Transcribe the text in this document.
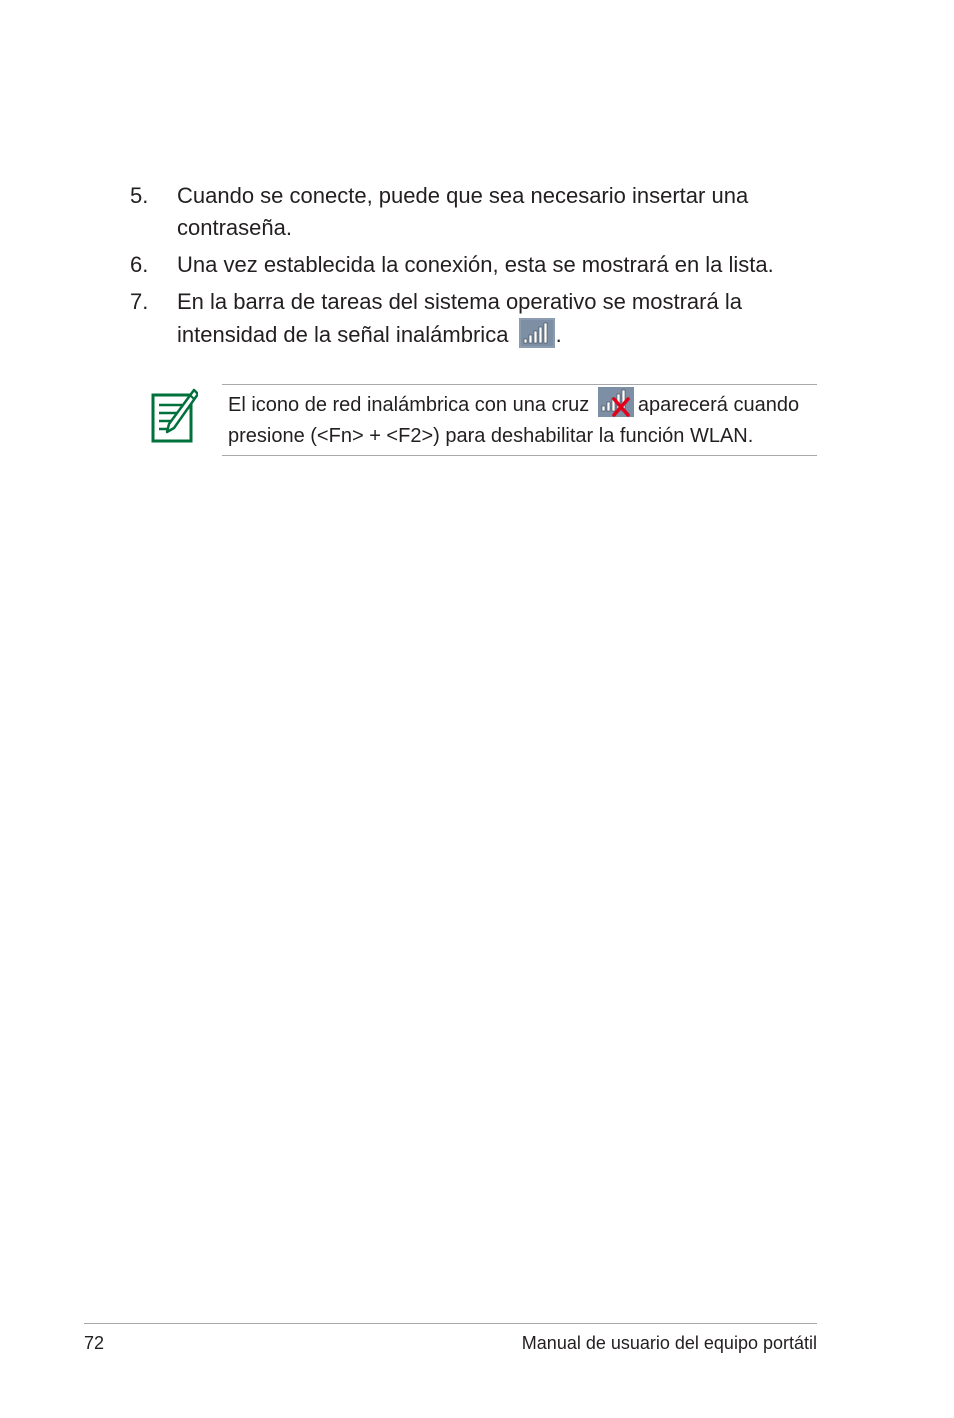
5. Cuando se conecte, puede que sea necesario insertar una contraseña.
6. Una vez establecida la conexión, esta se mostrará en la lista.
7. En la barra de tareas del sistema operativo se mostrará la intensidad de la señal inalámbrica .
El icono de red inalámbrica con una cruz aparecerá cuando presione (<Fn> + <F2>) para deshabilitar la función WLAN.
72	Manual de usuario del equipo portátil
